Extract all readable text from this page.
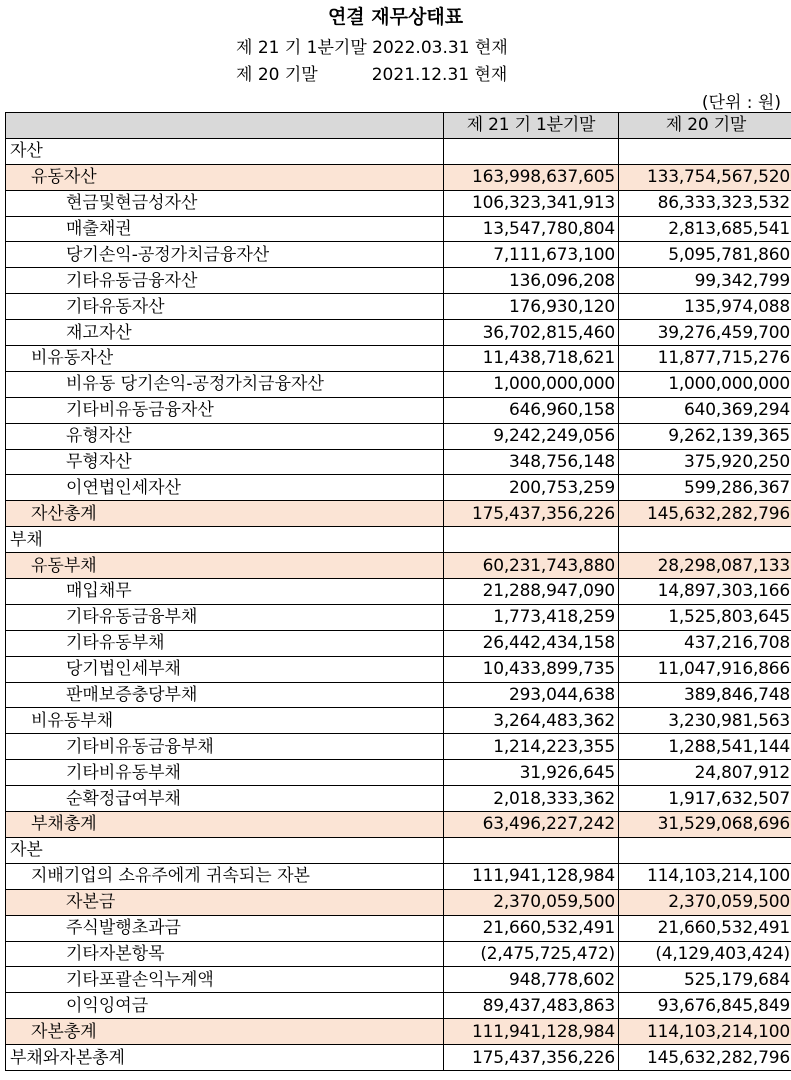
연결 재무상태표
제 21 기 1분기말 2022.03.31 현재
제 20 기말          2021.12.31 현재
(단위 : 원)
	제 21 기 1분기말	제 20 기말
자산		
유동자산	163,998,637,605	133,754,567,520
현금및현금성자산	106,323,341,913	86,333,323,532
매출채권	13,547,780,804	2,813,685,541
당기손익-공정가치금융자산	7,111,673,100	5,095,781,860
기타유동금융자산	136,096,208	99,342,799
기타유동자산	176,930,120	135,974,088
재고자산	36,702,815,460	39,276,459,700
비유동자산	11,438,718,621	11,877,715,276
비유동 당기손익-공정가치금융자산	1,000,000,000	1,000,000,000
기타비유동금융자산	646,960,158	640,369,294
유형자산	9,242,249,056	9,262,139,365
무형자산	348,756,148	375,920,250
이연법인세자산	200,753,259	599,286,367
자산총계	175,437,356,226	145,632,282,796
부채		
유동부채	60,231,743,880	28,298,087,133
매입채무	21,288,947,090	14,897,303,166
기타유동금융부채	1,773,418,259	1,525,803,645
기타유동부채	26,442,434,158	437,216,708
당기법인세부채	10,433,899,735	11,047,916,866
판매보증충당부채	293,044,638	389,846,748
비유동부채	3,264,483,362	3,230,981,563
기타비유동금융부채	1,214,223,355	1,288,541,144
기타비유동부채	31,926,645	24,807,912
순확정급여부채	2,018,333,362	1,917,632,507
부채총계	63,496,227,242	31,529,068,696
자본		
지배기업의 소유주에게 귀속되는 자본	111,941,128,984	114,103,214,100
자본금	2,370,059,500	2,370,059,500
주식발행초과금	21,660,532,491	21,660,532,491
기타자본항목	(2,475,725,472)	(4,129,403,424)
기타포괄손익누계액	948,778,602	525,179,684
이익잉여금	89,437,483,863	93,676,845,849
자본총계	111,941,128,984	114,103,214,100
부채와자본총계	175,437,356,226	145,632,282,796
